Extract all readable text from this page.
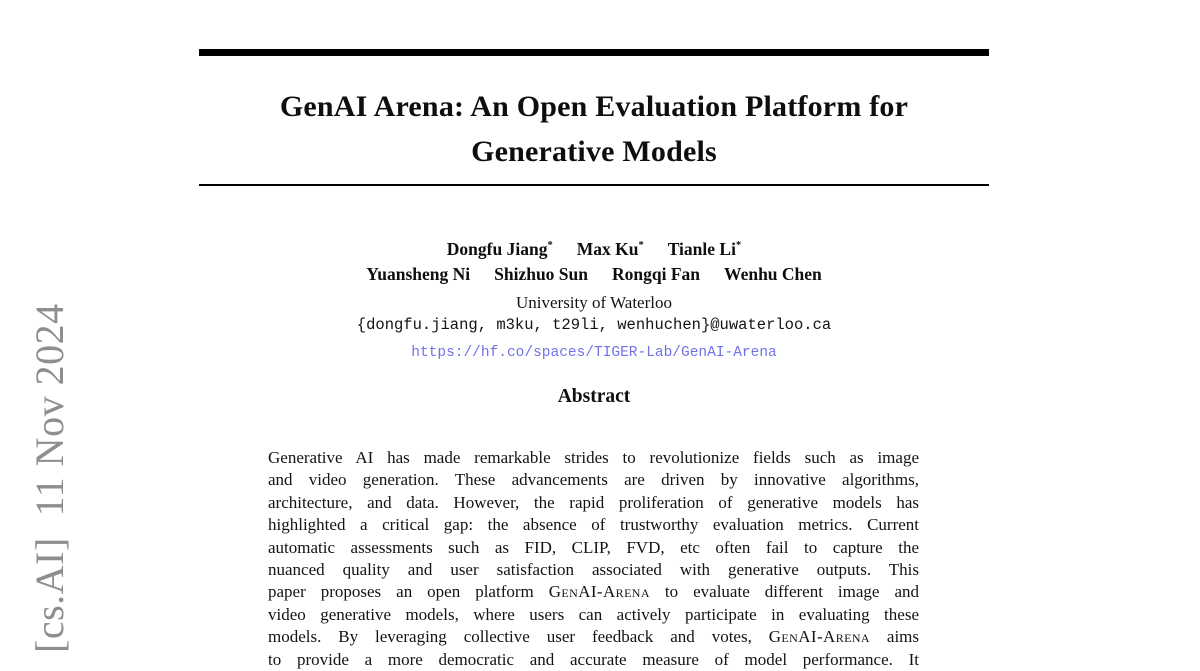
[cs.AI]  11 Nov 2024
GenAI Arena: An Open Evaluation Platform for
Generative Models
Dongfu Jiang* Max Ku* Tianle Li*
Yuansheng Ni Shizhuo Sun Rongqi Fan Wenhu Chen
University of Waterloo
{dongfu.jiang, m3ku, t29li, wenhuchen}@uwaterloo.ca
https://hf.co/spaces/TIGER-Lab/GenAI-Arena
Abstract
Generative AI has made remarkable strides to revolutionize fields such as image
and video generation. These advancements are driven by innovative algorithms,
architecture, and data. However, the rapid proliferation of generative models has
highlighted a critical gap: the absence of trustworthy evaluation metrics. Current
automatic assessments such as FID, CLIP, FVD, etc often fail to capture the
nuanced quality and user satisfaction associated with generative outputs. This
paper proposes an open platform GenAI-Arena to evaluate different image and
video generative models, where users can actively participate in evaluating these
models. By leveraging collective user feedback and votes, GenAI-Arena aims
to provide a more democratic and accurate measure of model performance. It
